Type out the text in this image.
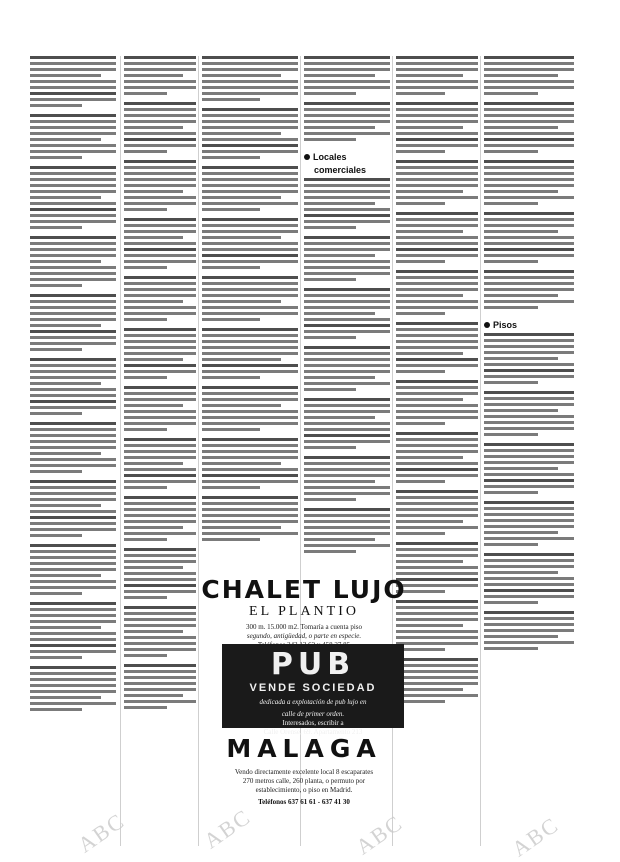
Locales
comerciales
Pisos
CHALET LUJO
EL PLANTIO
300 m. 15.000 m2. Tomaría a cuenta piso
segundo, antigüedad, o parte en especie.
PUB
VENDE SOCIEDAD
dedicada a explotación de pub lujo en
calle de primer orden.
Interesados, escribir a
Calle Orense, 69. Apartamento 213
MALAGA
Vendo directamente excelente local 8 escaparates
270 metros calle, 260 planta, o permuto por
establecimiento, o piso en Madrid.
Teléfonos 637 61 61 - 637 41 30
ABC	ABC	ABC	ABC
